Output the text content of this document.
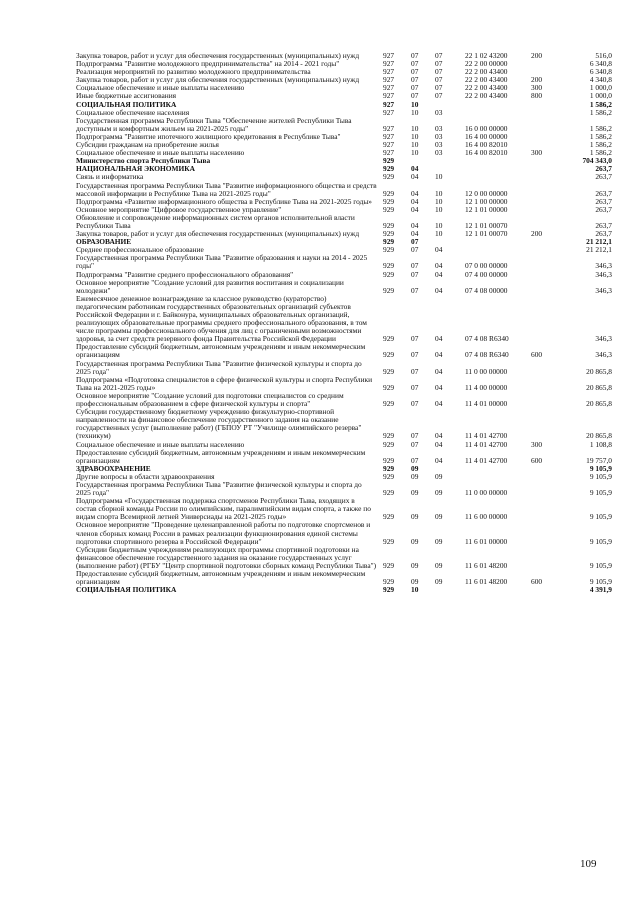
Закупка товаров, работ и услуг для обеспечения государственных (муниципальных) нужд	927	07	07	22 1 02 43200	200	516,0
Подпрограмма "Развитие молодежного предпринимательства" на 2014 - 2021 годы"	927	07	07	22 2 00 00000		6 340,8
Реализация мероприятий по развитию молодежного предпринимательства	927	07	07	22 2 00 43400		6 340,8
Закупка товаров, работ и услуг для обеспечения государственных (муниципальных) нужд	927	07	07	22 2 00 43400	200	4 340,8
Социальное обеспечение и иные выплаты населению	927	07	07	22 2 00 43400	300	1 000,0
Иные бюджетные ассигнования	927	07	07	22 2 00 43400	800	1 000,0
СОЦИАЛЬНАЯ ПОЛИТИКА	927	10				1 586,2
Социальное обеспечение населения	927	10	03			1 586,2
Государственная программа Республики Тыва "Обеспечение жителей Республики Тыва доступным и комфортным жильем на 2021-2025 годы"	927	10	03	16 0 00 00000		1 586,2
Подпрограмма "Развитие ипотечного жилищного кредитования в Республике Тыва"	927	10	03	16 4 00 00000		1 586,2
Субсидии гражданам на приобретение жилья	927	10	03	16 4 00 82010		1 586,2
Социальное обеспечение и иные выплаты населению	927	10	03	16 4 00 82010	300	1 586,2
Министерство спорта Республики Тыва	929					704 343,0
НАЦИОНАЛЬНАЯ ЭКОНОМИКА	929	04				263,7
Связь и информатика	929	04	10			263,7
Государственная программа Республики Тыва "Развитие информационного общества и средств массовой информации в Республике Тыва на 2021-2025 годы"	929	04	10	12 0 00 00000		263,7
Подпрограмма «Развитие информационного общества в Республике Тыва на 2021-2025 годы»	929	04	10	12 1 00 00000		263,7
Основное мероприятие "Цифровое государственное управление"	929	04	10	12 1 01 00000		263,7
Обновление и сопровождение информационных систем органов исполнительной власти Республики Тыва	929	04	10	12 1 01 00070		263,7
Закупка товаров, работ и услуг для обеспечения государственных (муниципальных) нужд	929	04	10	12 1 01 00070	200	263,7
ОБРАЗОВАНИЕ	929	07				21 212,1
Среднее профессиональное образование	929	07	04			21 212,1
Государственная программа Республики Тыва "Развитие образования и науки на 2014 - 2025 годы"	929	07	04	07 0 00 00000		346,3
Подпрограмма "Развитие среднего профессионального образования"	929	07	04	07 4 00 00000		346,3
Основное мероприятие "Создание условий для развития воспитания и социализации молодежи"	929	07	04	07 4 08 00000		346,3
Ежемесячное денежное вознаграждение за классное руководство (кураторство) педагогическим работникам государственных образовательных организаций субъектов Российской Федерации и г. Байконура, муниципальных образовательных организаций, реализующих образовательные программы среднего профессионального образования, в том числе программы профессионального обучения для лиц с ограниченными возможностями здоровья, за счет средств резервного фонда Правительства Российской Федерации	929	07	04	07 4 08 R6340		346,3
Предоставление субсидий бюджетным, автономным учреждениям и иным некоммерческим организациям	929	07	04	07 4 08 R6340	600	346,3
Государственная программа Республики Тыва "Развитие физической культуры и спорта до 2025 года"	929	07	04	11 0 00 00000		20 865,8
Подпрограмма «Подготовка специалистов в сфере физической культуры и спорта Республики Тыва на 2021-2025 годы»	929	07	04	11 4 00 00000		20 865,8
Основное мероприятие "Создание условий для подготовки специалистов со средним профессиональным образованием в сфере физической культуры и спорта"	929	07	04	11 4 01 00000		20 865,8
Субсидии государственному бюджетному учреждению физкультурно-спортивной направленности на финансовое обеспечение государственного задания на оказание государственных услуг (выполнение работ) (ГБПОУ РТ "Училище олимпийского резерва" (техникум)	929	07	04	11 4 01 42700		20 865,8
Социальное обеспечение и иные выплаты населению	929	07	04	11 4 01 42700	300	1 108,8
Предоставление субсидий бюджетным, автономным учреждениям и иным некоммерческим организациям	929	07	04	11 4 01 42700	600	19 757,0
ЗДРАВООХРАНЕНИЕ	929	09				9 105,9
Другие вопросы в области здравоохранения	929	09	09			9 105,9
Государственная программа Республики Тыва "Развитие физической культуры и спорта до 2025 года"	929	09	09	11 0 00 00000		9 105,9
Подпрограмма «Государственная поддержка спортсменов Республики Тыва, входящих в состав сборной команды России по олимпийским, паралимпийским видам спорта, а также по видам спорта Всемирной летней Универсиады на 2021-2025 годы»	929	09	09	11 6 00 00000		9 105,9
Основное мероприятие "Проведение целенаправленной работы по подготовке спортсменов и членов сборных команд России в рамках реализации функционирования единой системы подготовки спортивного резерва в Российской Федерации"	929	09	09	11 6 01 00000		9 105,9
Субсидии бюджетным учреждениям реализующих программы спортивной подготовки на финансовое обеспечение государственного задания на оказание государственных услуг (выполнение работ) (РГБУ "Центр спортивной подготовки сборных команд Республики Тыва")	929	09	09	11 6 01 48200		9 105,9
Предоставление субсидий бюджетным, автономным учреждениям и иным некоммерческим организациям	929	09	09	11 6 01 48200	600	9 105,9
СОЦИАЛЬНАЯ ПОЛИТИКА	929	10				4 391,9
109
